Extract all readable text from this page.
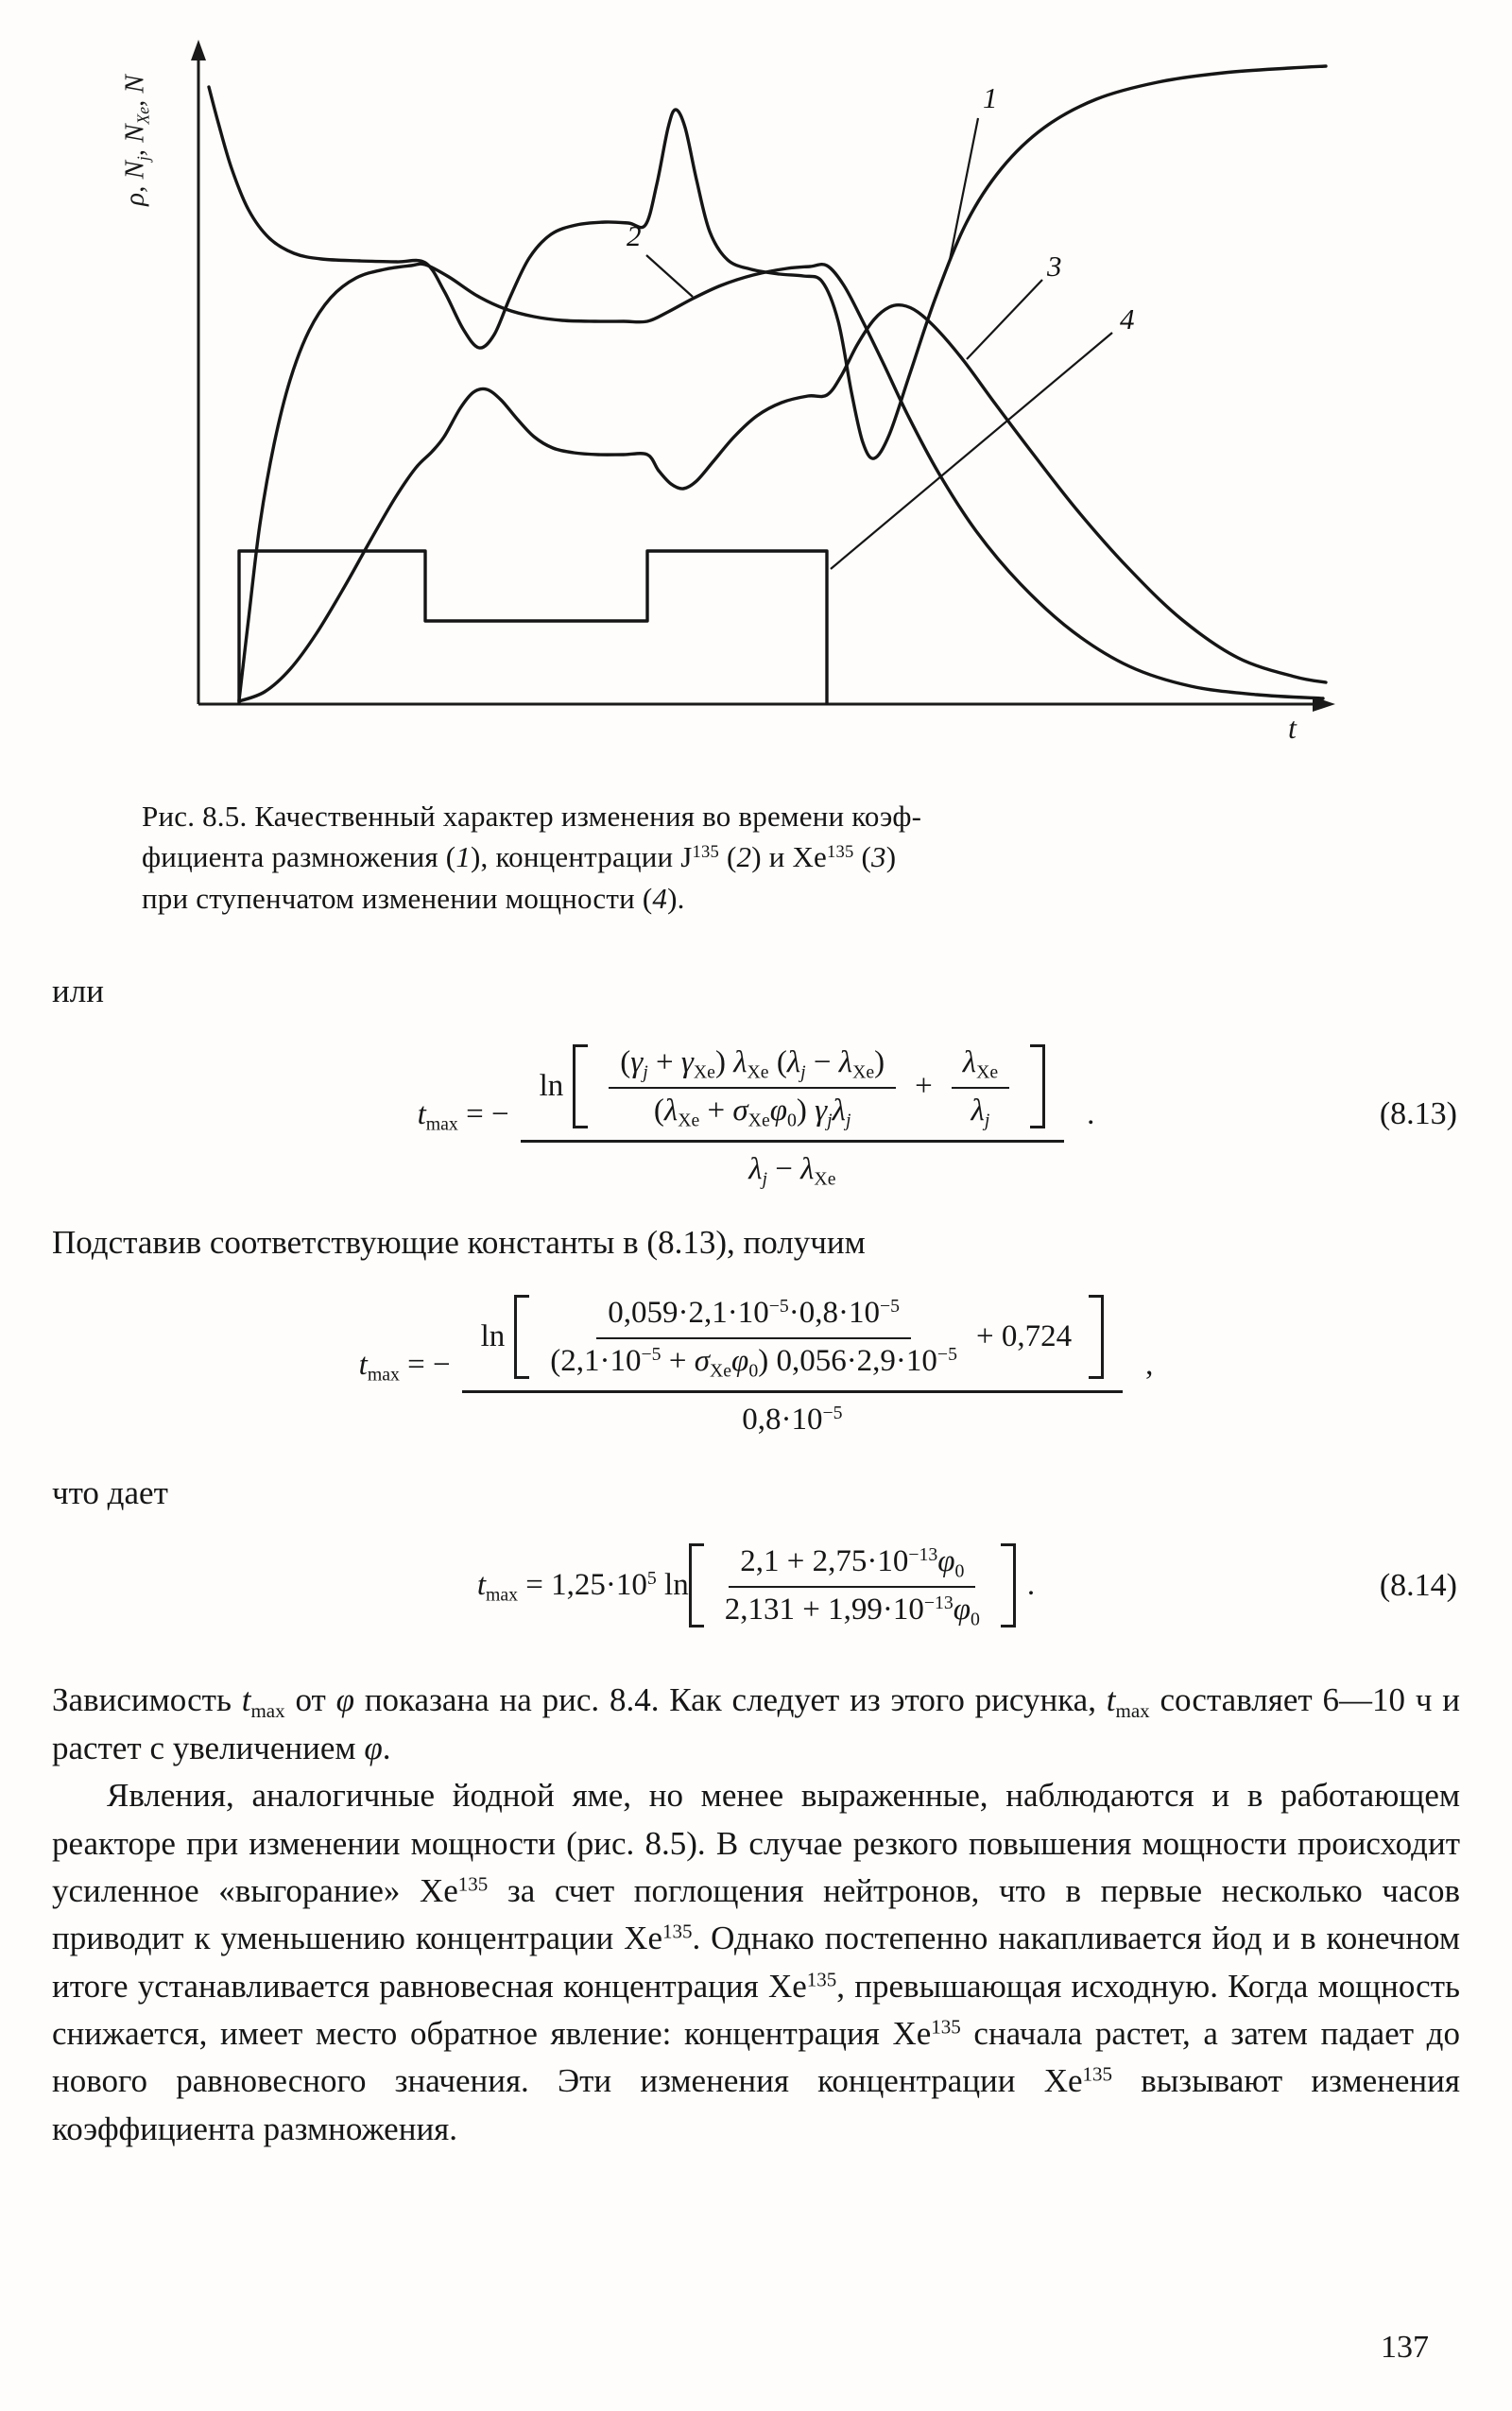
ρ, $N_j$, $N_{Xe}$, N
t
1
2
3
4
Рис. 8.5. Качественный характер изменения во времени коэф-
фициента размножения (1), концентрации $J^{135}$ (2) и Xe$^{135}$ (3)
при ступенчатом изменении мощности (4).

или

$t_{max}$ = −
$\ln \frac{(\gamma_j + \gamma_{Xe}) \lambda_{Xe} (\lambda_j - \lambda_{Xe})}{(\lambda_{Xe} + \sigma_{Xe}\varphi_0) \gamma_j\lambda_j} + \frac{\lambda_{Xe}}{\lambda_j}$
$\lambda_j - \lambda_{Xe}$
.	(8.13)

Подставив соответствующие константы в (8.13), получим

$t_{max}$ = −
$\ln \frac{0,059\cdot 2,1\cdot 10^{-5}\cdot 0,8\cdot 10^{-5}}{(2,1\cdot 10^{-5} + \sigma_{Xe}\varphi_0) 0,056\cdot 2,9\cdot 10^{-5}} + 0,724$
$0,8\cdot 10^{-5}$
,

что дает

$t_{max} = 1,25\cdot 10^5$ $\ln \frac{2,1 + 2,75\cdot 10^{-13}\varphi_0}{2,131 + 1,99\cdot 10^{-13}\varphi_0}$ .	(8.14)

Зависимость $t_{max}$ от φ показана на рис. 8.4. Как следует из этого рисунка, $t_{max}$ составляет 6—10 ч и растет с увеличением φ.

Явления, аналогичные йодной яме, но менее выраженные, наблюдаются и в работающем реакторе при изменении мощности (рис. 8.5). В случае резкого повышения мощности происходит усиленное «выгорание» Xe$^{135}$ за счет поглощения нейтронов, что в первые несколько часов приводит к уменьшению концентрации Xe$^{135}$. Однако постепенно накапливается йод и в конечном итоге устанавливается равновесная концентрация Xe$^{135}$, превышающая исходную. Когда мощность снижается, имеет место обратное явление: концентрация Xe$^{135}$ сначала растет, а затем падает до нового равновесного значения. Эти изменения концентрации Xe$^{135}$ вызывают изменения коэффициента размножения.

137
